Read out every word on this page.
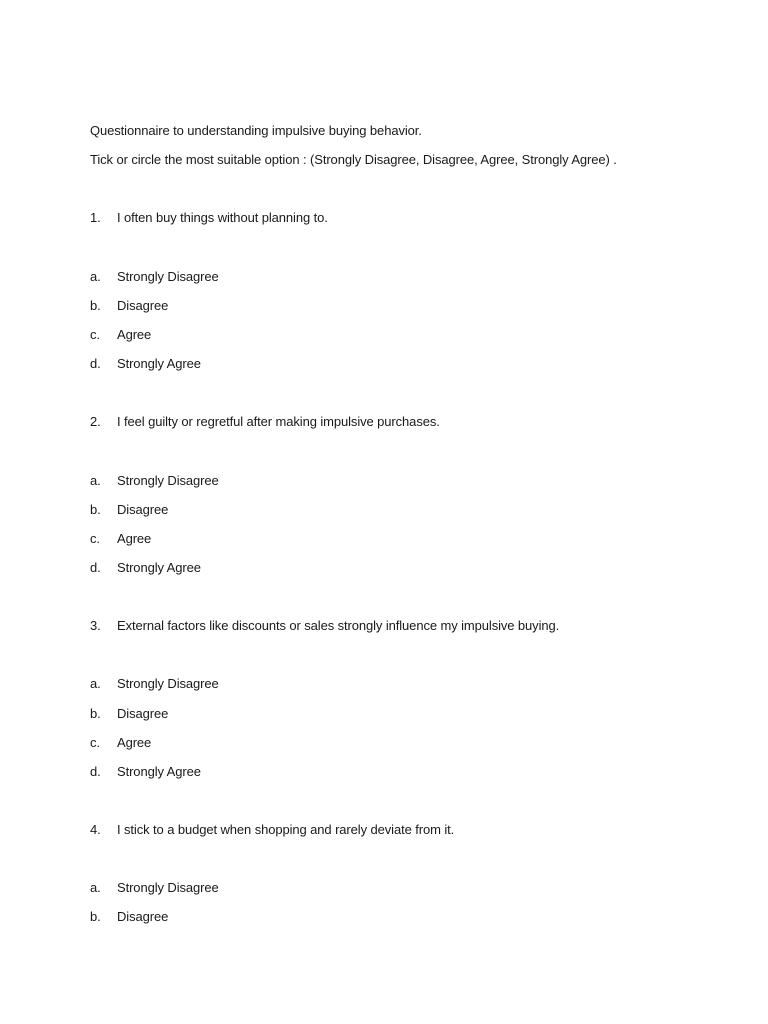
Questionnaire to understanding impulsive buying behavior.
Tick or circle the most suitable option : (Strongly Disagree, Disagree, Agree, Strongly Agree) .
1. I often buy things without planning to.
a. Strongly Disagree
b. Disagree
c. Agree
d. Strongly Agree
2. I feel guilty or regretful after making impulsive purchases.
a. Strongly Disagree
b. Disagree
c. Agree
d. Strongly Agree
3. External factors like discounts or sales strongly influence my impulsive buying.
a. Strongly Disagree
b. Disagree
c. Agree
d. Strongly Agree
4. I stick to a budget when shopping and rarely deviate from it.
a. Strongly Disagree
b. Disagree
